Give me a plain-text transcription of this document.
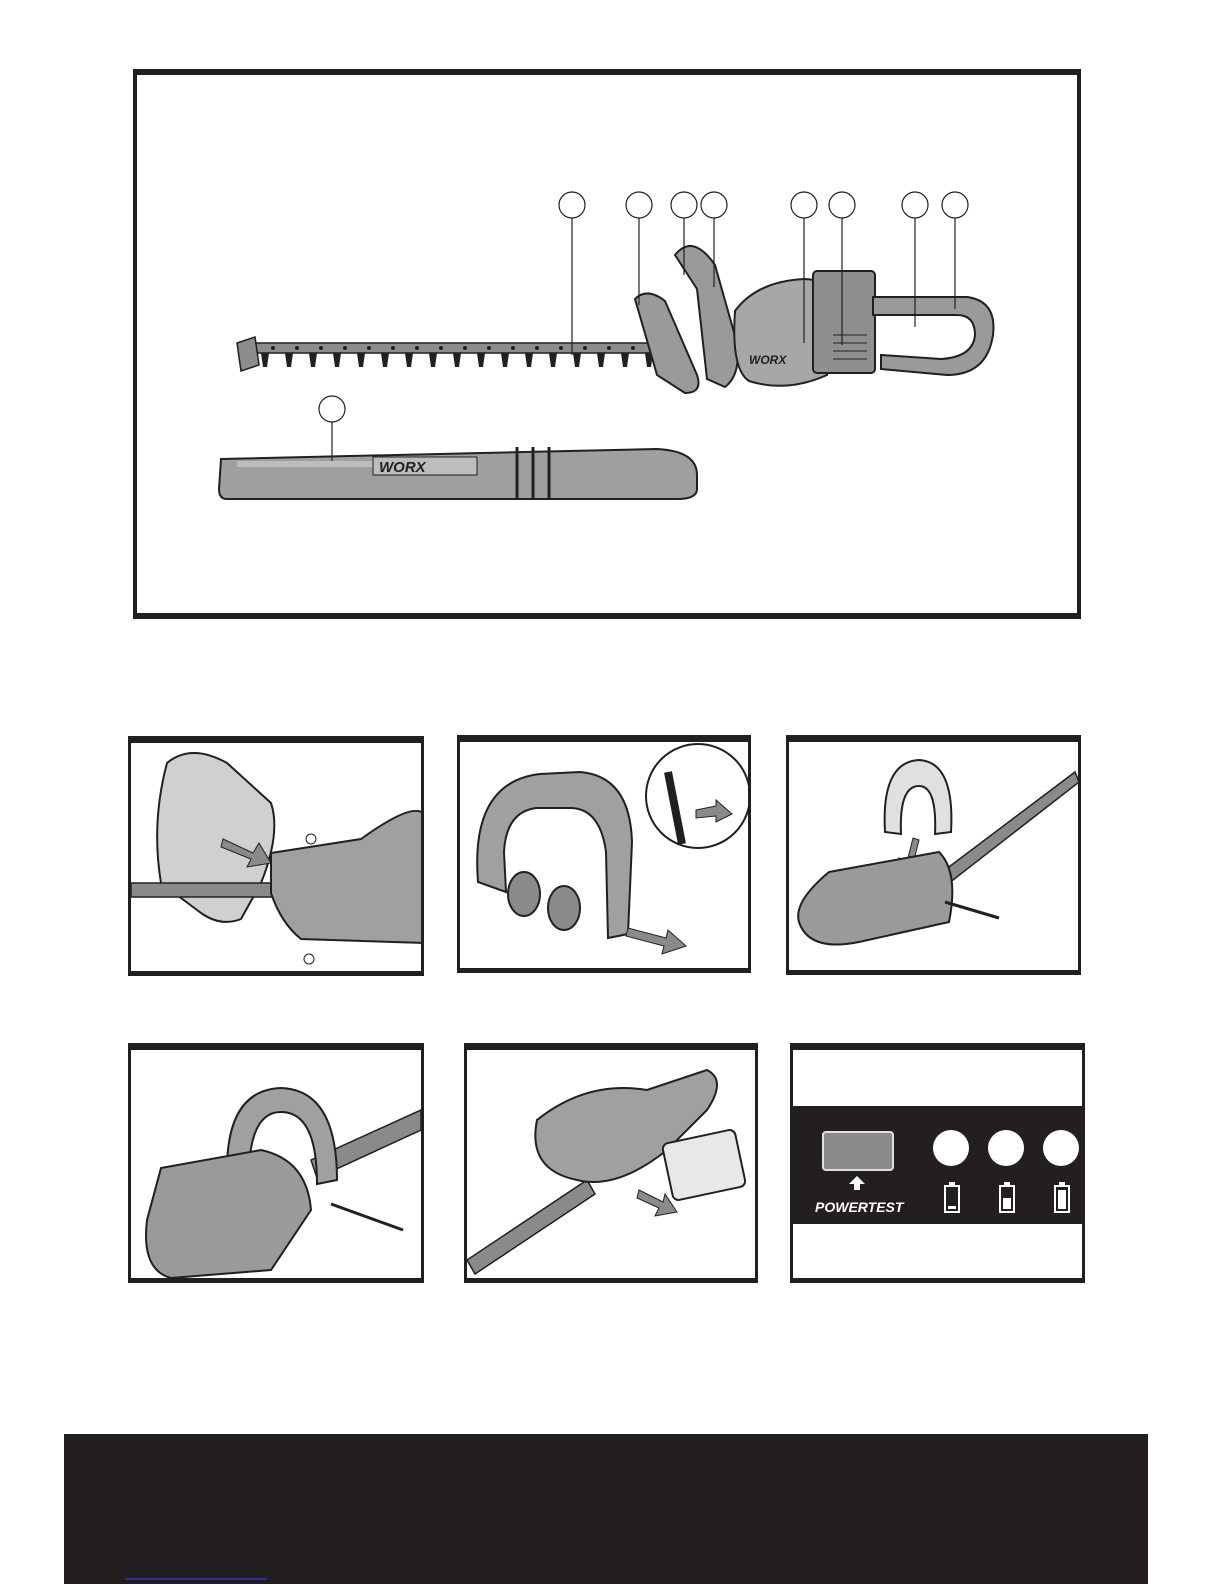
WORX
WORX
POWERTEST
